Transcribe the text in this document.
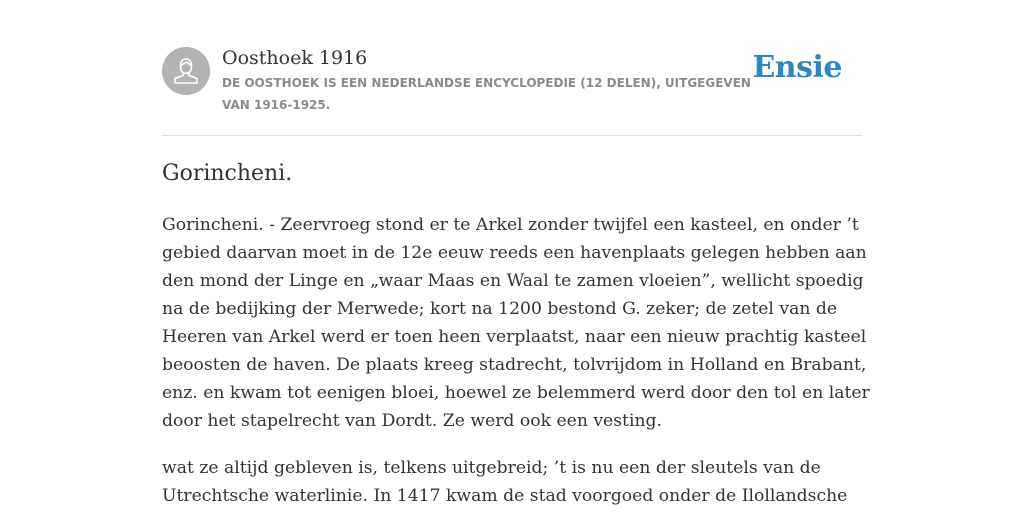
Oosthoek 1916
DE OOSTHOEK IS EEN NEDERLANDSE ENCYCLOPEDIE (12 DELEN), UITGEGEVEN VAN 1916-1925.
Ensie
Gorincheni.

Gorincheni. - Zeervroeg stond er te Arkel zonder twijfel een kasteel, en onder ’t
gebied daarvan moet in de 12e eeuw reeds een havenplaats gelegen hebben aan
den mond der Linge en „waar Maas en Waal te zamen vloeien”, wellicht spoedig
na de bedijking der Merwede; kort na 1200 bestond G. zeker; de zetel van de
Heeren van Arkel werd er toen heen verplaatst, naar een nieuw prachtig kasteel
beoosten de haven. De plaats kreeg stadrecht, tolvrijdom in Holland en Brabant,
enz. en kwam tot eenigen bloei, hoewel ze belemmerd werd door den tol en later
door het stapelrecht van Dordt. Ze werd ook een vesting.

wat ze altijd gebleven is, telkens uitgebreid; ’t is nu een der sleutels van de
Utrechtsche waterlinie. In 1417 kwam de stad voorgoed onder de Ilollandsche
